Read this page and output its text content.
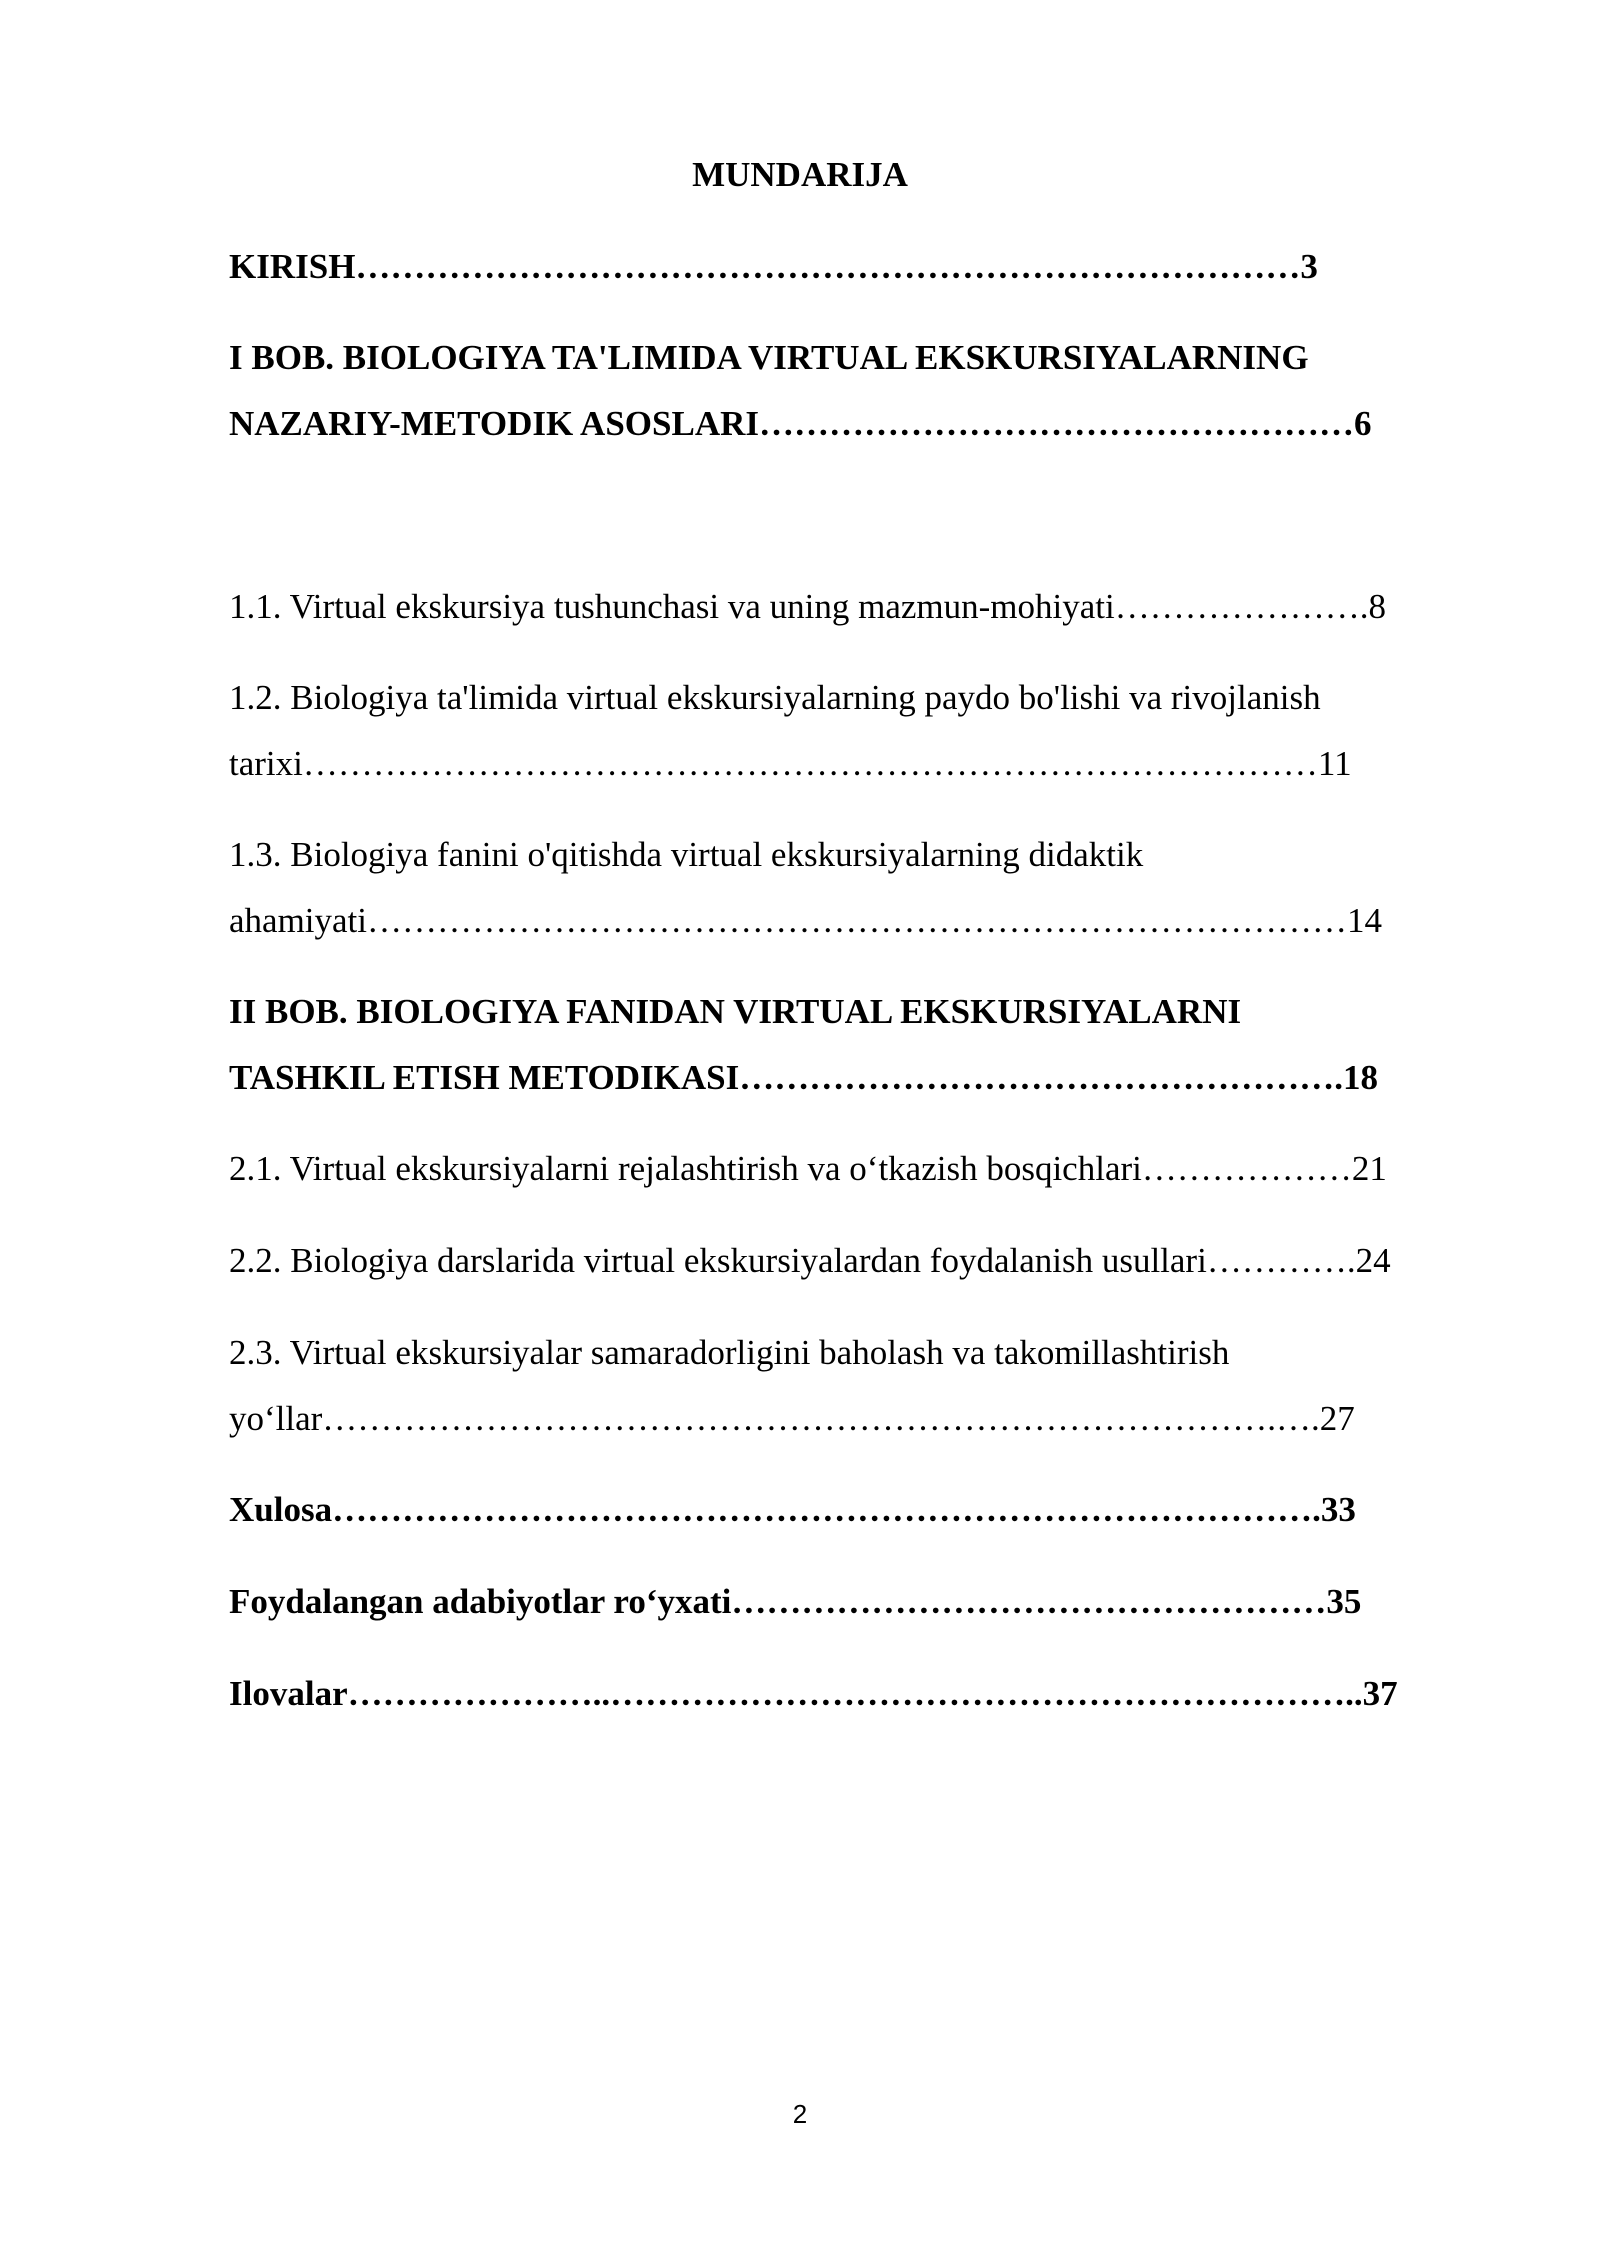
MUNDARIJA
KIRISH………………………………………………………………………3
I BOB. BIOLOGIYA TA'LIMIDA VIRTUAL EKSKURSIYALARNING
NAZARIY-METODIK ASOSLARI……………………………………………6
1.1. Virtual ekskursiya tushunchasi va uning mazmun-mohiyati………………….8
1.2. Biologiya ta'limida virtual ekskursiyalarning paydo bo'lishi va rivojlanish
tarixi……………………………………………………………………………11
1.3. Biologiya fanini o'qitishda virtual ekskursiyalarning didaktik
ahamiyati…………………………………………………………………………14
II BOB. BIOLOGIYA FANIDAN VIRTUAL EKSKURSIYALARNI
TASHKIL ETISH METODIKASI…………………………………………….18
2.1. Virtual ekskursiyalarni rejalashtirish va o‘tkazish bosqichlari………………21
2.2. Biologiya darslarida virtual ekskursiyalardan foydalanish usullari………….24
2.3. Virtual ekskursiyalar samaradorligini baholash va takomillashtirish
yo‘llar……………………………………………………………………….….27
Xulosa………………………………………………………………………….33
Foydalangan adabiyotlar ro‘yxati……………………………………………35
Ilovalar…………………..………………………………………………………..37
2
